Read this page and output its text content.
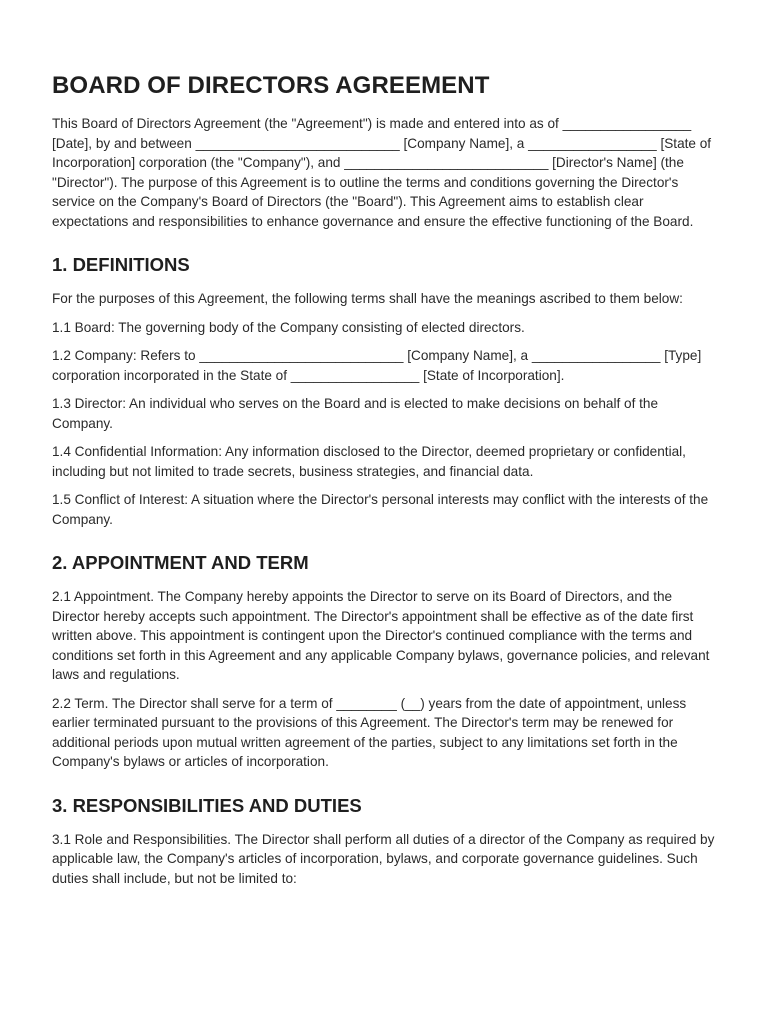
BOARD OF DIRECTORS AGREEMENT

This Board of Directors Agreement (the "Agreement") is made and entered into as of _________________ [Date], by and between ___________________________ [Company Name], a _________________ [State of Incorporation] corporation (the "Company"), and ___________________________ [Director's Name] (the "Director"). The purpose of this Agreement is to outline the terms and conditions governing the Director's service on the Company's Board of Directors (the "Board"). This Agreement aims to establish clear expectations and responsibilities to enhance governance and ensure the effective functioning of the Board.

1. DEFINITIONS

For the purposes of this Agreement, the following terms shall have the meanings ascribed to them below:

1.1 Board: The governing body of the Company consisting of elected directors.

1.2 Company: Refers to ___________________________ [Company Name], a _________________ [Type] corporation incorporated in the State of _________________ [State of Incorporation].

1.3 Director: An individual who serves on the Board and is elected to make decisions on behalf of the Company.

1.4 Confidential Information: Any information disclosed to the Director, deemed proprietary or confidential, including but not limited to trade secrets, business strategies, and financial data.

1.5 Conflict of Interest: A situation where the Director's personal interests may conflict with the interests of the Company.

2. APPOINTMENT AND TERM

2.1 Appointment. The Company hereby appoints the Director to serve on its Board of Directors, and the Director hereby accepts such appointment. The Director's appointment shall be effective as of the date first written above. This appointment is contingent upon the Director's continued compliance with the terms and conditions set forth in this Agreement and any applicable Company bylaws, governance policies, and relevant laws and regulations.

2.2 Term. The Director shall serve for a term of ________ (__) years from the date of appointment, unless earlier terminated pursuant to the provisions of this Agreement. The Director's term may be renewed for additional periods upon mutual written agreement of the parties, subject to any limitations set forth in the Company's bylaws or articles of incorporation.

3. RESPONSIBILITIES AND DUTIES

3.1 Role and Responsibilities. The Director shall perform all duties of a director of the Company as required by applicable law, the Company's articles of incorporation, bylaws, and corporate governance guidelines. Such duties shall include, but not be limited to:
